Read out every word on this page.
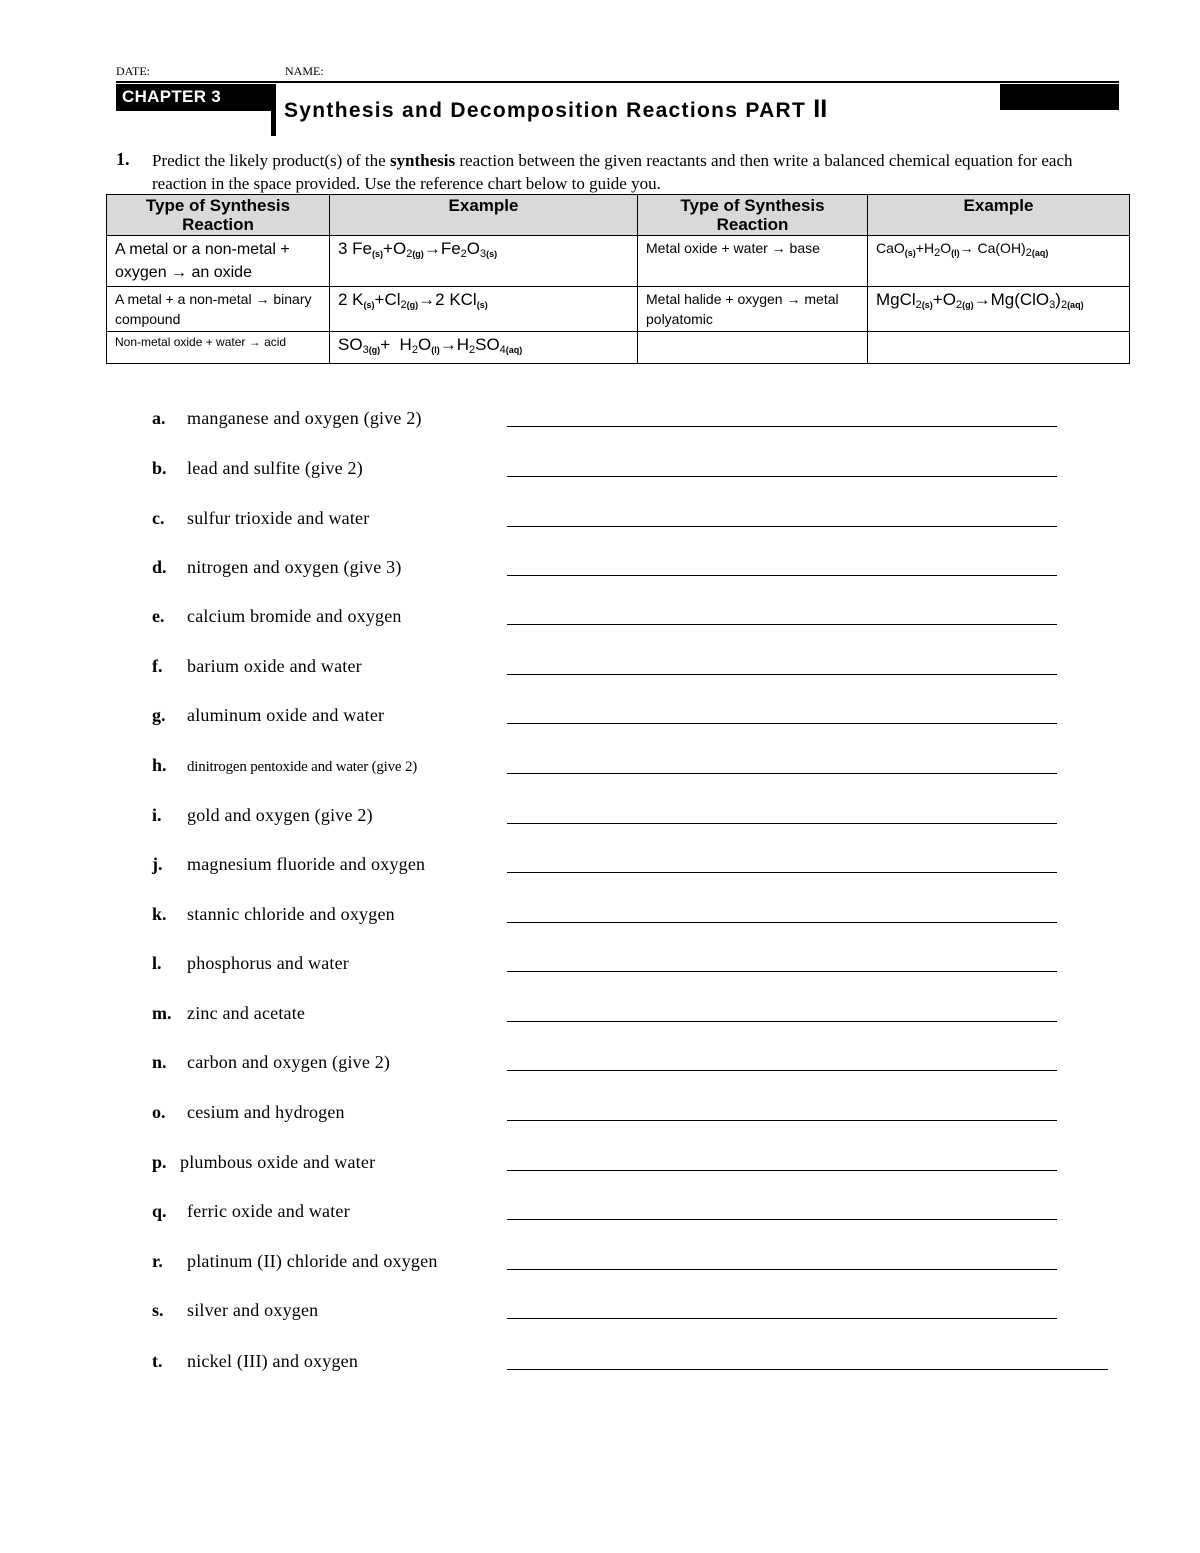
DATE:	NAME:
CHAPTER 3
Synthesis and Decomposition Reactions PART II
1. Predict the likely product(s) of the synthesis reaction between the given reactants and then write a balanced chemical equation for each reaction in the space provided. Use the reference chart below to guide you.
Type of Synthesis Reaction	Example	Type of Synthesis Reaction	Example
A metal or a non-metal + oxygen → an oxide	3 $Fe_{(s)}+O_{2(g)}\to Fe_2O_{3(s)}$	Metal oxide + water → base	$CaO_{(s)}+H_2O_{(l)}\to Ca(OH)_{2(aq)}$
A metal + a non-metal → binary compound	2 $K_{(s)}+Cl_{2(g)}\to 2$ KCl$_{(s)}$	Metal halide + oxygen → metal polyatomic	$MgCl_{2(s)}+O_{2(g)}\to Mg(ClO_3)_{2(aq)}$
Non-metal oxide + water → acid	$SO_{3(g)}+ H_2O_{(l)}\to H_2SO_{4(aq)}$		
a. manganese and oxygen (give 2)
b. lead and sulfite (give 2)
c. sulfur trioxide and water
d. nitrogen and oxygen (give 3)
e. calcium bromide and oxygen
f. barium oxide and water
g. aluminum oxide and water
h. dinitrogen pentoxide and water (give 2)
i. gold and oxygen (give 2)
j. magnesium fluoride and oxygen
k. stannic chloride and oxygen
l. phosphorus and water
m. zinc and acetate
n. carbon and oxygen (give 2)
o. cesium and hydrogen
p. plumbous oxide and water
q. ferric oxide and water
r. platinum (II) chloride and oxygen
s. silver and oxygen
t. nickel (III) and oxygen
